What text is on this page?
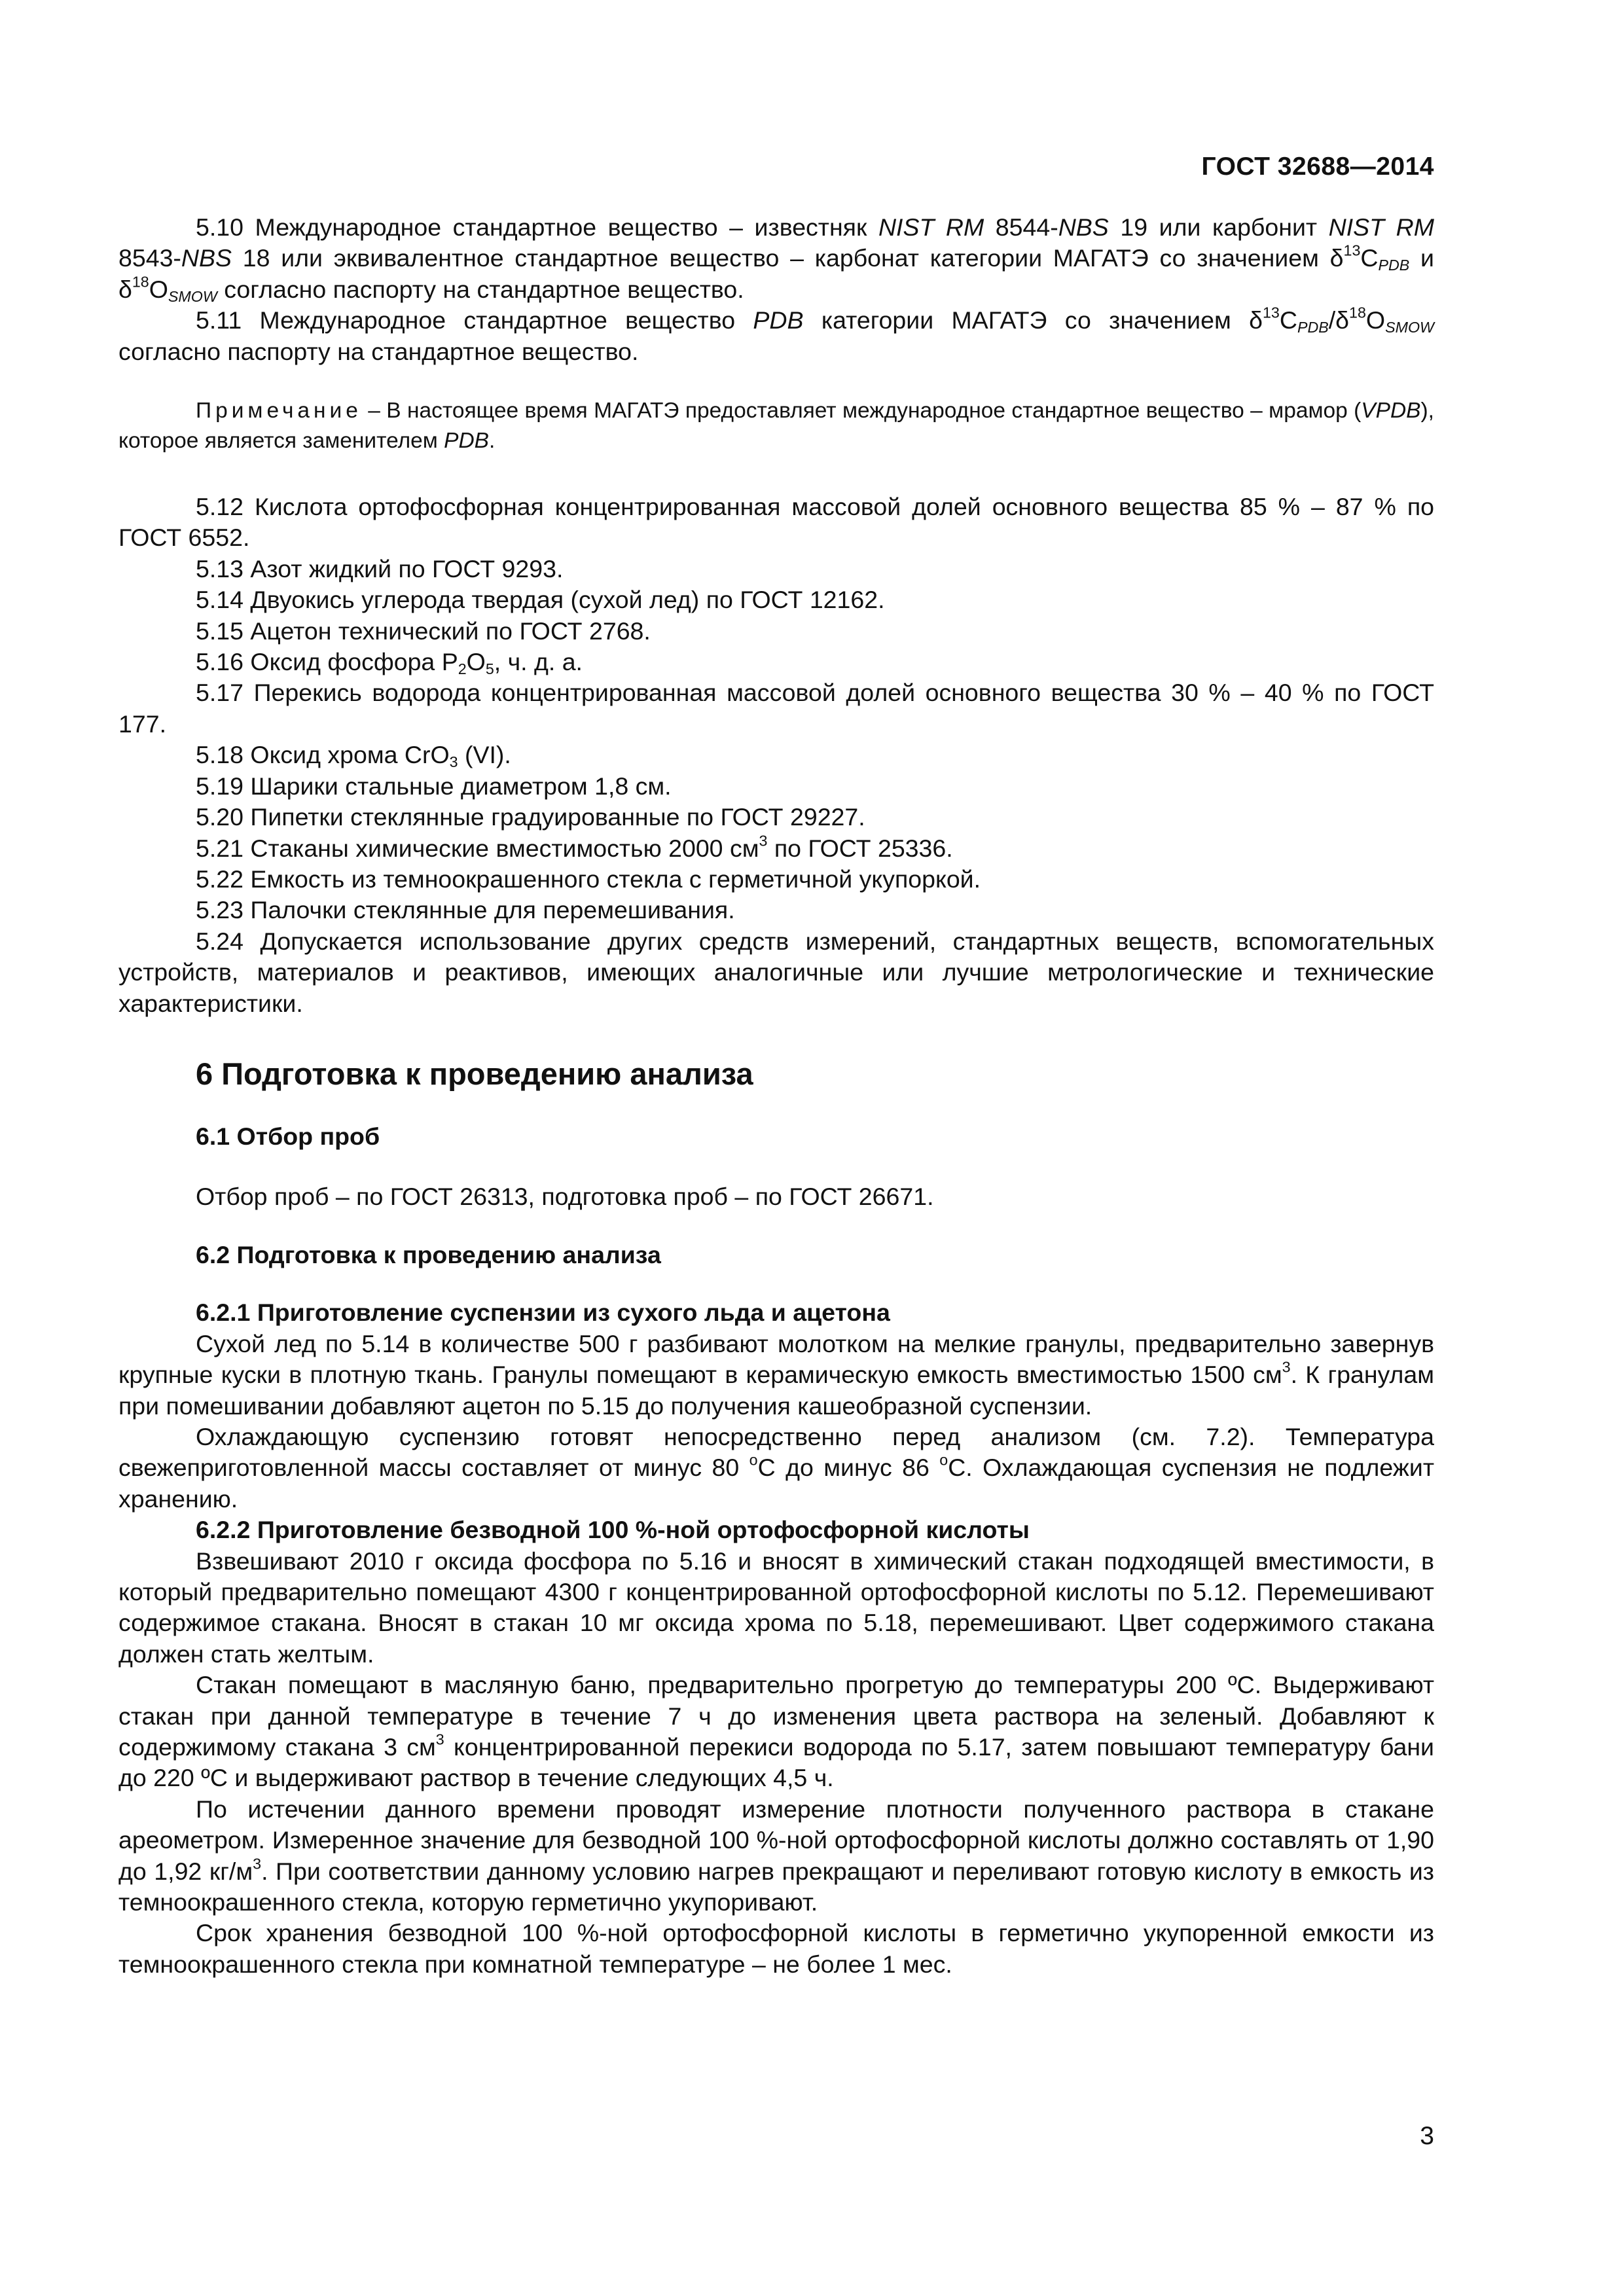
ГОСТ 32688—2014

5.10 Международное стандартное вещество – известняк NIST RM 8544-NBS 19 или карбонит NIST RM 8543-NBS 18 или эквивалентное стандартное вещество – карбонат категории МАГАТЭ со значением $\delta^{13}C_{PDB}$ и $\delta^{18}O_{SMOW}$ согласно паспорту на стандартное вещество.

5.11 Международное стандартное вещество PDB категории МАГАТЭ со значением $\delta^{13}C_{PDB}/\delta^{18}O_{SMOW}$ согласно паспорту на стандартное вещество.

Примечание – В настоящее время МАГАТЭ предоставляет международное стандартное вещество – мрамор (VPDB), которое является заменителем PDB.

5.12 Кислота ортофосфорная концентрированная массовой долей основного вещества 85 % – 87 % по ГОСТ 6552.

5.13 Азот жидкий по ГОСТ 9293.

5.14 Двуокись углерода твердая (сухой лед) по ГОСТ 12162.

5.15 Ацетон технический по ГОСТ 2768.

5.16 Оксид фосфора $P_2O_5$, ч. д. а.

5.17 Перекись водорода концентрированная массовой долей основного вещества 30 % – 40 % по ГОСТ 177.

5.18 Оксид хрома CrO$_3$ (VI).

5.19 Шарики стальные диаметром 1,8 см.

5.20 Пипетки стеклянные градуированные по ГОСТ 29227.

5.21 Стаканы химические вместимостью 2000 $см^3$ по ГОСТ 25336.

5.22 Емкость из темноокрашенного стекла с герметичной укупоркой.

5.23 Палочки стеклянные для перемешивания.

5.24 Допускается использование других средств измерений, стандартных веществ, вспомогательных устройств, материалов и реактивов, имеющих аналогичные или лучшие метрологические и технические характеристики.

6 Подготовка к проведению анализа
6.1 Отбор проб

Отбор проб – по ГОСТ 26313, подготовка проб – по ГОСТ 26671.

6.2 Подготовка к проведению анализа
6.2.1 Приготовление суспензии из сухого льда и ацетона

Сухой лед по 5.14 в количестве 500 г разбивают молотком на мелкие гранулы, предварительно завернув крупные куски в плотную ткань. Гранулы помещают в керамическую емкость вместимостью 1500 $см^3$. К гранулам при помешивании добавляют ацетон по 5.15 до получения кашеобразной суспензии.

Охлаждающую суспензию готовят непосредственно перед анализом (см. 7.2). Температура свежеприготовленной массы составляет от минус 80 $^o$С до минус 86 $^o$С. Охлаждающая суспензия не подлежит хранению.

6.2.2 Приготовление безводной 100 %-ной ортофосфорной кислоты

Взвешивают 2010 г оксида фосфора по 5.16 и вносят в химический стакан подходящей вместимости, в который предварительно помещают 4300 г концентрированной ортофосфорной кислоты по 5.12. Перемешивают содержимое стакана. Вносят в стакан 10 мг оксида хрома по 5.18, перемешивают. Цвет содержимого стакана должен стать желтым.

Стакан помещают в масляную баню, предварительно прогретую до температуры 200 ºС. Выдерживают стакан при данной температуре в течение 7 ч до изменения цвета раствора на зеленый. Добавляют к содержимому стакана 3 $см^3$ концентрированной перекиси водорода по 5.17, затем повышают температуру бани до 220 ºС и выдерживают раствор в течение следующих 4,5 ч.

По истечении данного времени проводят измерение плотности полученного раствора в стакане ареометром. Измеренное значение для безводной 100 %-ной ортофосфорной кислоты должно составлять от 1,90 до 1,92 $кг/м^3$. При соответствии данному условию нагрев прекращают и переливают готовую кислоту в емкость из темноокрашенного стекла, которую герметично укупоривают.

Срок хранения безводной 100 %-ной ортофосфорной кислоты в герметично укупоренной емкости из темноокрашенного стекла при комнатной температуре – не более 1 мес.

3
